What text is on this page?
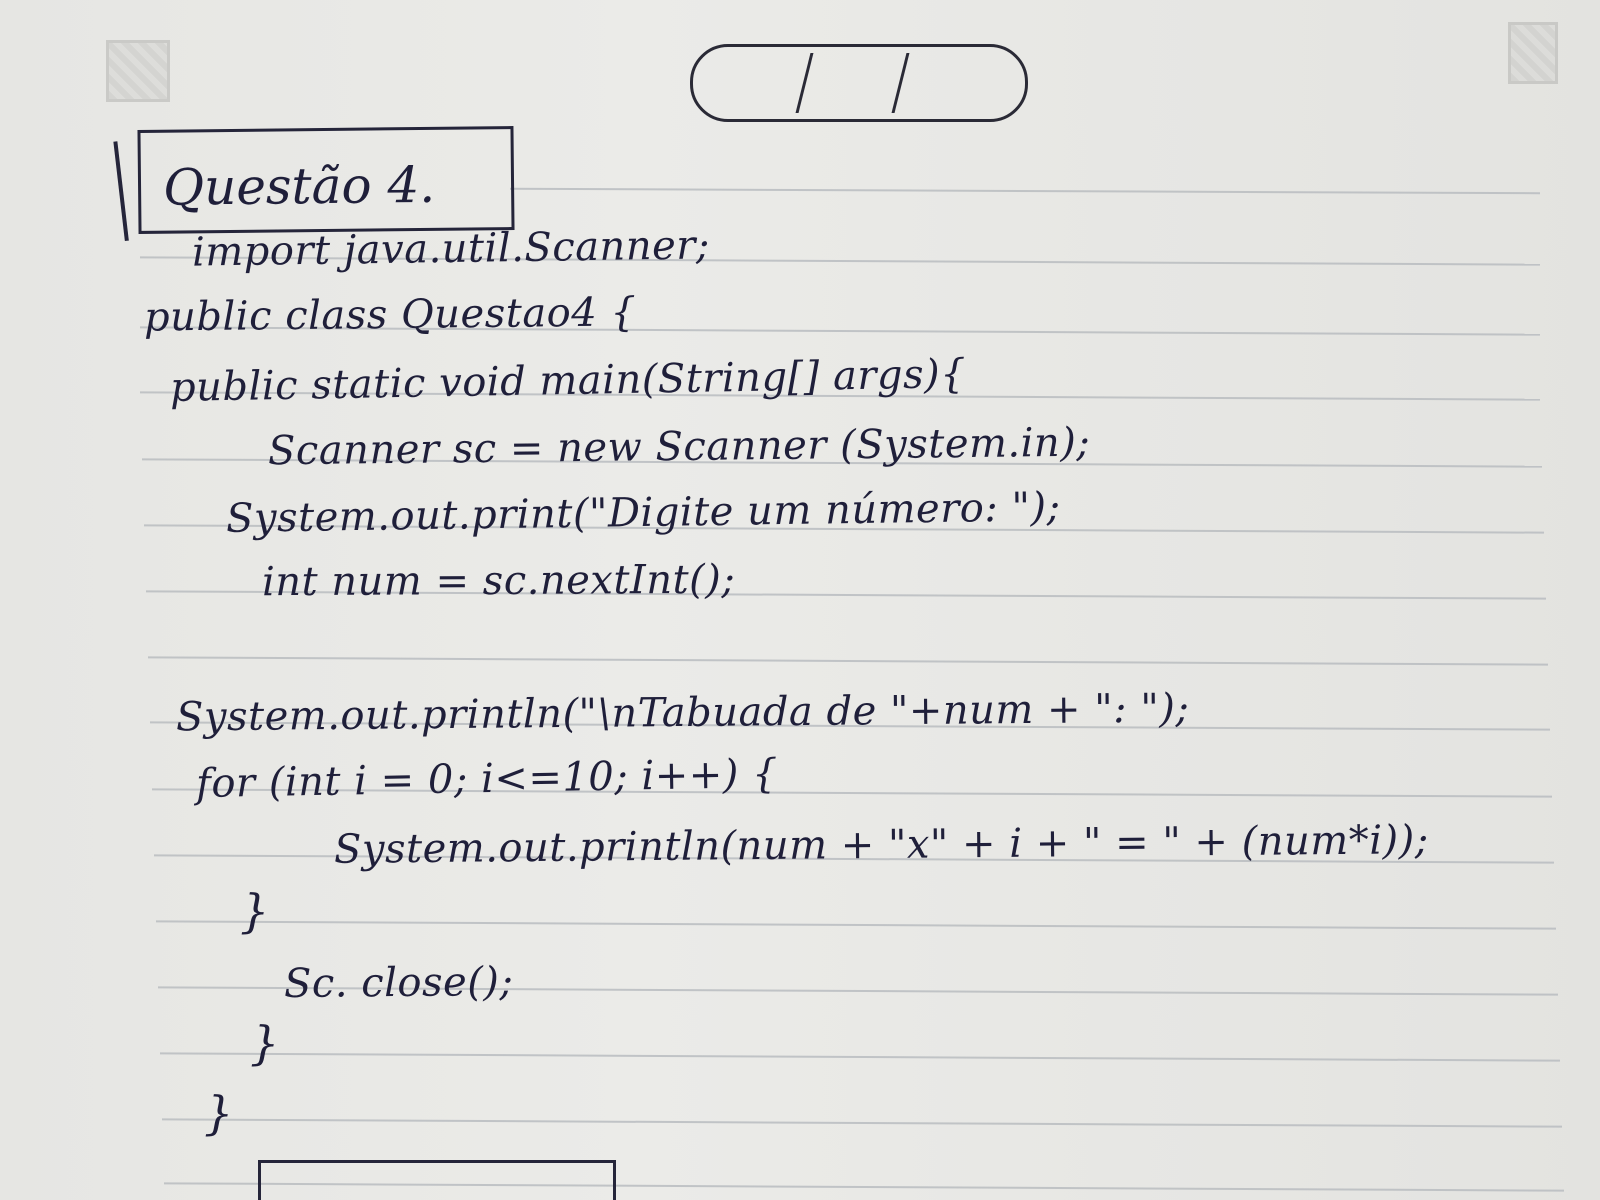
Questão 4.
import java.util.Scanner;
public class Questao4 {
public static void main(String[] args){
Scanner sc = new Scanner (System.in);
System.out.print("Digite um número: ");
int num = sc.nextInt();
System.out.println("\nTabuada de "+num + ": ");
for (int i = 0; i<=10; i++) {
System.out.println(num + "x" + i + " = " + (num*i));
}
Sc. close();
}
}
